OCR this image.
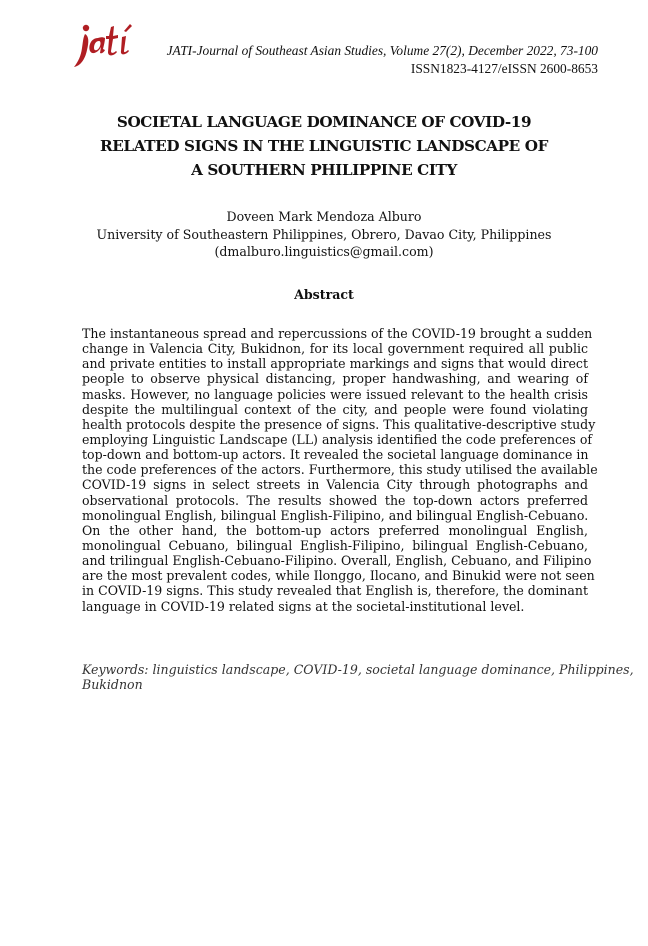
JATI-Journal of Southeast Asian Studies, Volume 27(2), December 2022, 73-100
ISSN1823-4127/eISSN 2600-8653
SOCIETAL LANGUAGE DOMINANCE OF COVID-19
RELATED SIGNS IN THE LINGUISTIC LANDSCAPE OF
A SOUTHERN PHILIPPINE CITY
Doveen Mark Mendoza Alburo
University of Southeastern Philippines, Obrero, Davao City, Philippines
(dmalburo.linguistics@gmail.com)
Abstract
The instantaneous spread and repercussions of the COVID-19 brought a sudden
change in Valencia City, Bukidnon, for its local government required all public
and private entities to install appropriate markings and signs that would direct
people to observe physical distancing, proper handwashing, and wearing of
masks. However, no language policies were issued relevant to the health crisis
despite the multilingual context of the city, and people were found violating
health protocols despite the presence of signs. This qualitative-descriptive study
employing Linguistic Landscape (LL) analysis identified the code preferences of
top-down and bottom-up actors. It revealed the societal language dominance in
the code preferences of the actors. Furthermore, this study utilised the available
COVID-19 signs in select streets in Valencia City through photographs and
observational protocols. The results showed the top-down actors preferred
monolingual English, bilingual English-Filipino, and bilingual English-Cebuano.
On the other hand, the bottom-up actors preferred monolingual English,
monolingual Cebuano, bilingual English-Filipino, bilingual English-Cebuano,
and trilingual English-Cebuano-Filipino. Overall, English, Cebuano, and Filipino
are the most prevalent codes, while Ilonggo, Ilocano, and Binukid were not seen
in COVID-19 signs. This study revealed that English is, therefore, the dominant
language in COVID-19 related signs at the societal-institutional level.
Keywords: linguistics landscape, COVID-19, societal language dominance, Philippines,
Bukidnon
